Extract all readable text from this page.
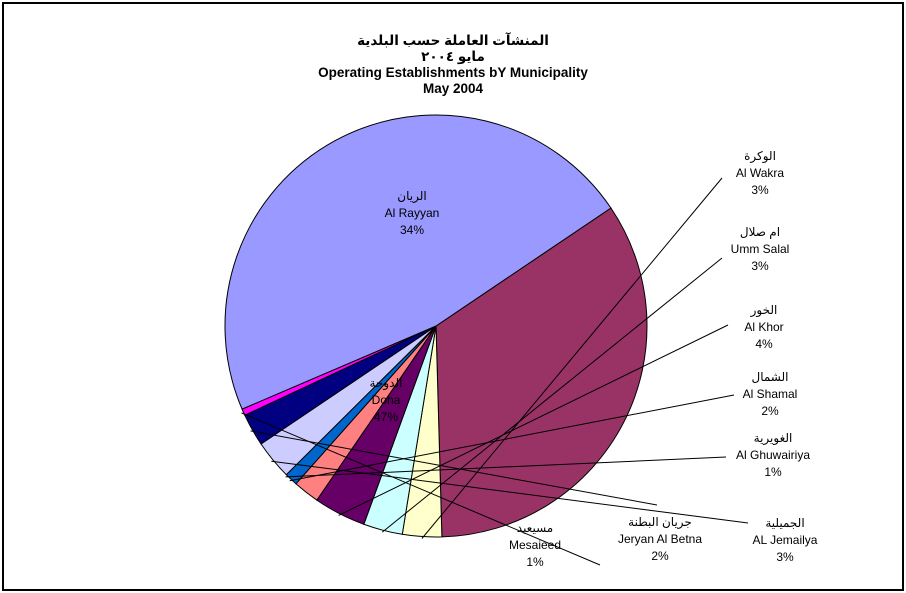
المنشآت العاملة حسب البلدية
مايو ٢٠٠٤
Operating Establishments bY Municipality
May 2004
الريان
Al Rayyan
34%
الدوحة
Doha
47%
الوكرة
Al Wakra
3%
ام صلال
Umm Salal
3%
الخور
Al Khor
4%
الشمال
Al Shamal
2%
الجميلية
AL Jemailya
3%
جريان البطنة
Jeryan Al Betna
2%
مسيعيد
Mesaieed
1%
الغويرية
Al Ghuwairiya
1%
